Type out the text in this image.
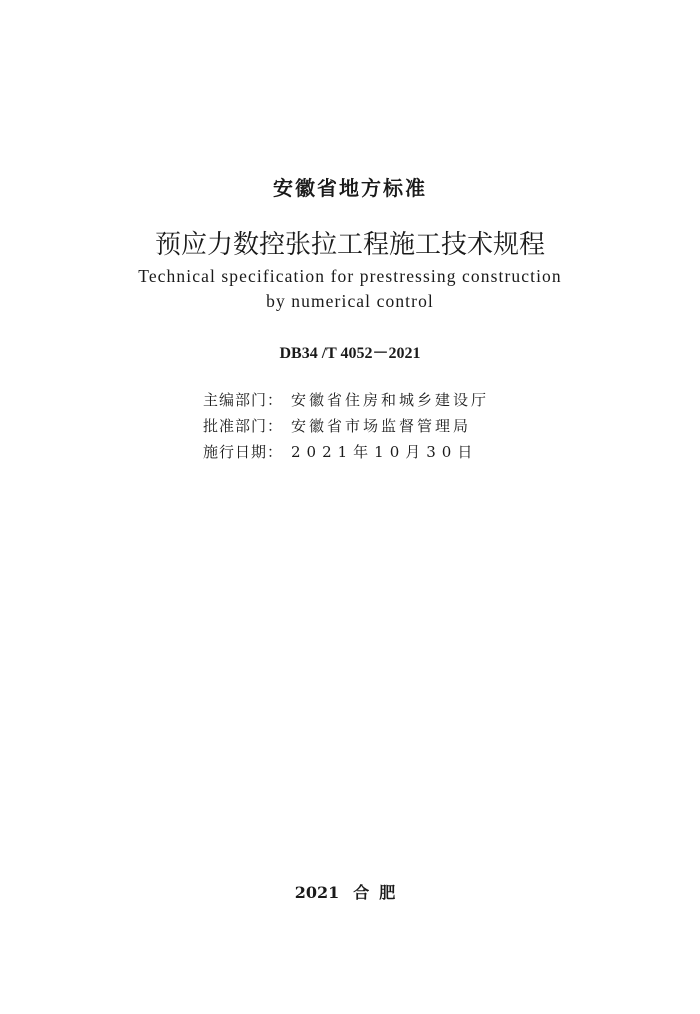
安徽省地方标准
预应力数控张拉工程施工技术规程
Technical specification for prestressing construction
by numerical control
DB34 /T 4052－2021
主编部门： 安徽省住房和城乡建设厅
批准部门： 安徽省市场监督管理局
施行日期： 2021年10月30日
2021 合肥
